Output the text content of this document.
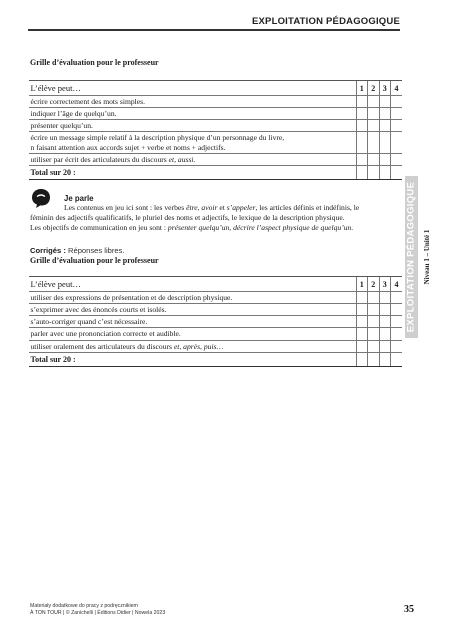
EXPLOITATION PÉDAGOGIQUE
Grille d’évaluation pour le professeur
L’élève peut…	1	2	3	4
écrire correctement des mots simples.				
indiquer l’âge de quelqu’un.				
présenter quelqu’un.				

écrire un message simple relatif à la description physique d’un personnage du livre,
n faisant attention aux accords sujet + verbe et noms + adjectifs.				

utiliser par écrit des articulateurs du discours et, aussi.				
Total sur 20 :				
Je parle
Les contenus en jeu ici sont : les verbes être, avoir et s’appeler, les articles définis et indéfinis, le
féminin des adjectifs qualificatifs, le pluriel des noms et adjectifs, le lexique de la description physique.
Les objectifs de communication en jeu sont : présenter quelqu’un, décrire l’aspect physique de quelqu’un.
Corrigés : Réponses libres.
Grille d’évaluation pour le professeur
L’élève peut…	1	2	3	4
utiliser des expressions de présentation et de description physique.				
s’exprimer avec des énoncés courts et isolés.				
s’auto-corriger quand c’est nécessaire.				
parler avec une prononciation correcte et audible.				
utiliser oralement des articulateurs du discours et, après, puis…				
Total sur 20 :				
EXPLOITATION PÉDAGOGIQUE Niveau 1 – Unité 1
Materiały dodatkowe do pracy z podręcznikiem
À TON TOUR | © Zanichelli | Éditions Didier | Nowela 2023	35
